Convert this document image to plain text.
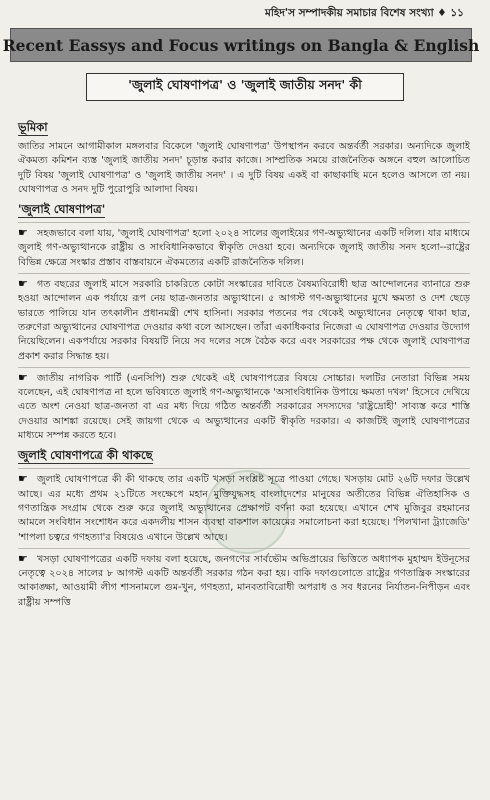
মহিদ'স সম্পাদকীয় সমাচার বিশেষ সংখ্যা ♦ ১১
Recent Eassys and Focus writings on Bangla & English
'জুলাই ঘোষণাপত্র' ও 'জুলাই জাতীয় সনদ' কী
ভূমিকা

জাতির সামনে আগামীকাল মঙ্গলবার বিকেলে 'জুলাই ঘোষণাপত্র' উপস্থাপন করবে অন্তর্বর্তী সরকার। অন্যদিকে জুলাই ঐকমত্য কমিশন ব্যস্ত 'জুলাই জাতীয় সনদ' চূড়ান্ত করার কাজে। সাম্প্রতিক সময়ে রাজনৈতিক অঙ্গনে বহুল আলোচিত দুটি বিষয় 'জুলাই ঘোষণাপত্র' ও 'জুলাই জাতীয় সনদ' । এ দুটি বিষয় একই বা কাছাকাছি মনে হলেও আসলে তা নয়। ঘোষণাপত্র ও সনদ দুটি পুরোপুরি আলাদা বিষয়।

'জুলাই ঘোষণাপত্র'

☛ সহজভাবে বলা যায়, 'জুলাই ঘোষণাপত্র' হলো ২০২৪ সালের জুলাইয়ের গণ-অভ্যুত্থানের একটি দলিল। যার মাধ্যমে জুলাই গণ-অভ্যুত্থানকে রাষ্ট্রীয় ও সাংবিধানিকভাবে স্বীকৃতি দেওয়া হবে। অন্যদিকে জুলাই জাতীয় সনদ হলো--রাষ্ট্রের বিভিন্ন ক্ষেত্রে সংস্কার প্রস্তাব বাস্তবায়নে ঐকমত্যের একটি রাজনৈতিক দলিল।

☛ গত বছরের জুলাই মাসে সরকারি চাকরিতে কোটা সংস্কারের দাবিতে বৈষম্যবিরোধী ছাত্র আন্দোলনের ব্যানারে শুরু হওয়া আন্দোলন এক পর্যায়ে রূপ নেয় ছাত্র-জনতার অভ্যুত্থানে। ৫ আগস্ট গণ-অভ্যুত্থানের মুখে ক্ষমতা ও দেশ ছেড়ে ভারতে পালিয়ে যান তৎকালীন প্রধানমন্ত্রী শেখ হাসিনা। সরকার পতনের পর থেকেই অভ্যুত্থানের নেতৃত্বে থাকা ছাত্র, তরুণেরা অভ্যুত্থানের ঘোষণাপত্র দেওয়ার কথা বলে আসছেন। তাঁরা একাধিকবার নিজেরা এ ঘোষণাপত্র দেওয়ার উদ্যোগ নিয়েছিলেন। একপর্যায়ে সরকার বিষয়টি নিয়ে সব দলের সঙ্গে বৈঠক করে এবং সরকারের পক্ষ থেকে জুলাই ঘোষণাপত্র প্রকাশ করার সিদ্ধান্ত হয়।

☛ জাতীয় নাগরিক পার্টি (এনসিপি) শুরু থেকেই এই ঘোষণাপত্রের বিষয়ে সোচ্চার। দলটির নেতারা বিভিন্ন সময় বলেছেন, এই ঘোষণাপত্র না হলে ভবিষ্যতে জুলাই গণ-অভ্যুত্থানকে 'অসাংবিধানিক উপায়ে ক্ষমতা দখল' হিসেবে দেখিয়ে এতে অংশ নেওয়া ছাত্র-জনতা বা এর মধ্য দিয়ে গঠিত অন্তর্বর্তী সরকারের সদস্যদের 'রাষ্ট্রদ্রোহী' সাব্যস্ত করে শাস্তি দেওয়ার আশঙ্কা রয়েছে। সেই জায়গা থেকে এ অভ্যুত্থানের একটি স্বীকৃতি দরকার। এ কাজটিই জুলাই ঘোষণাপত্রের মাধ্যমে সম্পন্ন করতে হবে।

জুলাই ঘোষণাপত্রে কী থাকছে

☛ জুলাই ঘোষণাপত্রে কী কী থাকছে তার একটি খসড়া সংশ্লিষ্ট সূত্রে পাওয়া গেছে। খসড়ায় মোট ২৬টি দফার উল্লেখ আছে। এর মধ্যে প্রথম ২১টিতে সংক্ষেপে মহান মুক্তিযুদ্ধসহ বাংলাদেশের মানুষের অতীতের বিভিন্ন ঐতিহাসিক ও গণতান্ত্রিক সংগ্রাম থেকে শুরু করে জুলাই অভ্যুত্থানের প্রেক্ষাপট বর্ণনা করা হয়েছে। এখানে শেখ মুজিবুর রহমানের আমলে সংবিধান সংশোধন করে একদলীয় শাসন ব্যবস্থা বাকশাল কায়েমের সমালোচনা করা হয়েছে। 'পিলখানা ট্র্যাজেডি' 'শাপলা চত্বরে গণহত্যা'র বিষয়েও এখানে উল্লেখ আছে।

☛ খসড়া ঘোষণাপত্রের একটি দফায় বলা হয়েছে, জনগণের সার্বভৌম অভিপ্রায়ের ভিত্তিতে অধ্যাপক মুহাম্মদ ইউনূসের নেতৃত্বে ২০২৪ সালের ৮ আগস্ট একটি অন্তর্বর্তী সরকার গঠন করা হয়। বাকি দফাগুলোতে রাষ্ট্রের গণতান্ত্রিক সংস্কারের আকাঙ্ক্ষা, আওয়ামী লীগ শাসনামলে গুম-খুন, গণহত্যা, মানবতাবিরোধী অপরাধ ও সব ধরনের নির্যাতন-নিপীড়ন এবং রাষ্ট্রীয় সম্পত্তি
